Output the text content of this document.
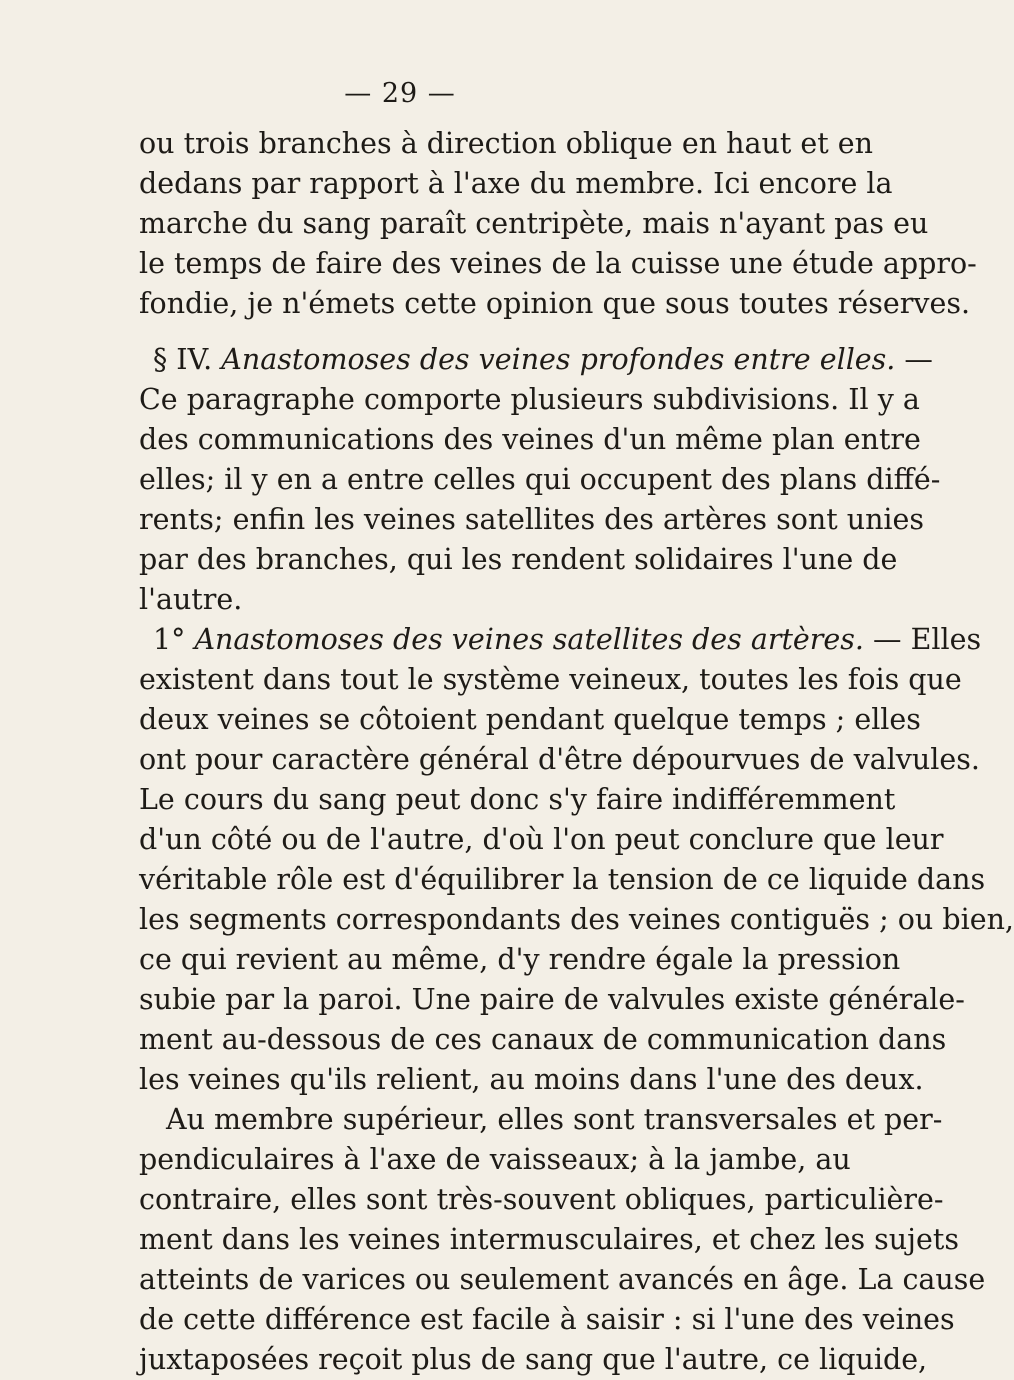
— 29 —
ou trois branches à direction oblique en haut et en
dedans par rapport à l'axe du membre. Ici encore la
marche du sang paraît centripète, mais n'ayant pas eu
le temps de faire des veines de la cuisse une étude appro-
fondie, je n'émets cette opinion que sous toutes réserves.
§ IV. Anastomoses des veines profondes entre elles. —
Ce paragraphe comporte plusieurs subdivisions. Il y a
des communications des veines d'un même plan entre
elles; il y en a entre celles qui occupent des plans diffé-
rents; enfin les veines satellites des artères sont unies
par des branches, qui les rendent solidaires l'une de
l'autre.
1° Anastomoses des veines satellites des artères. — Elles
existent dans tout le système veineux, toutes les fois que
deux veines se côtoient pendant quelque temps ; elles
ont pour caractère général d'être dépourvues de valvules.
Le cours du sang peut donc s'y faire indifféremment
d'un côté ou de l'autre, d'où l'on peut conclure que leur
véritable rôle est d'équilibrer la tension de ce liquide dans
les segments correspondants des veines contiguës ; ou bien,
ce qui revient au même, d'y rendre égale la pression
subie par la paroi. Une paire de valvules existe générale-
ment au-dessous de ces canaux de communication dans
les veines qu'ils relient, au moins dans l'une des deux.
Au membre supérieur, elles sont transversales et per-
pendiculaires à l'axe de vaisseaux; à la jambe, au
contraire, elles sont très-souvent obliques, particulière-
ment dans les veines intermusculaires, et chez les sujets
atteints de varices ou seulement avancés en âge. La cause
de cette différence est facile à saisir : si l'une des veines
juxtaposées reçoit plus de sang que l'autre, ce liquide,
